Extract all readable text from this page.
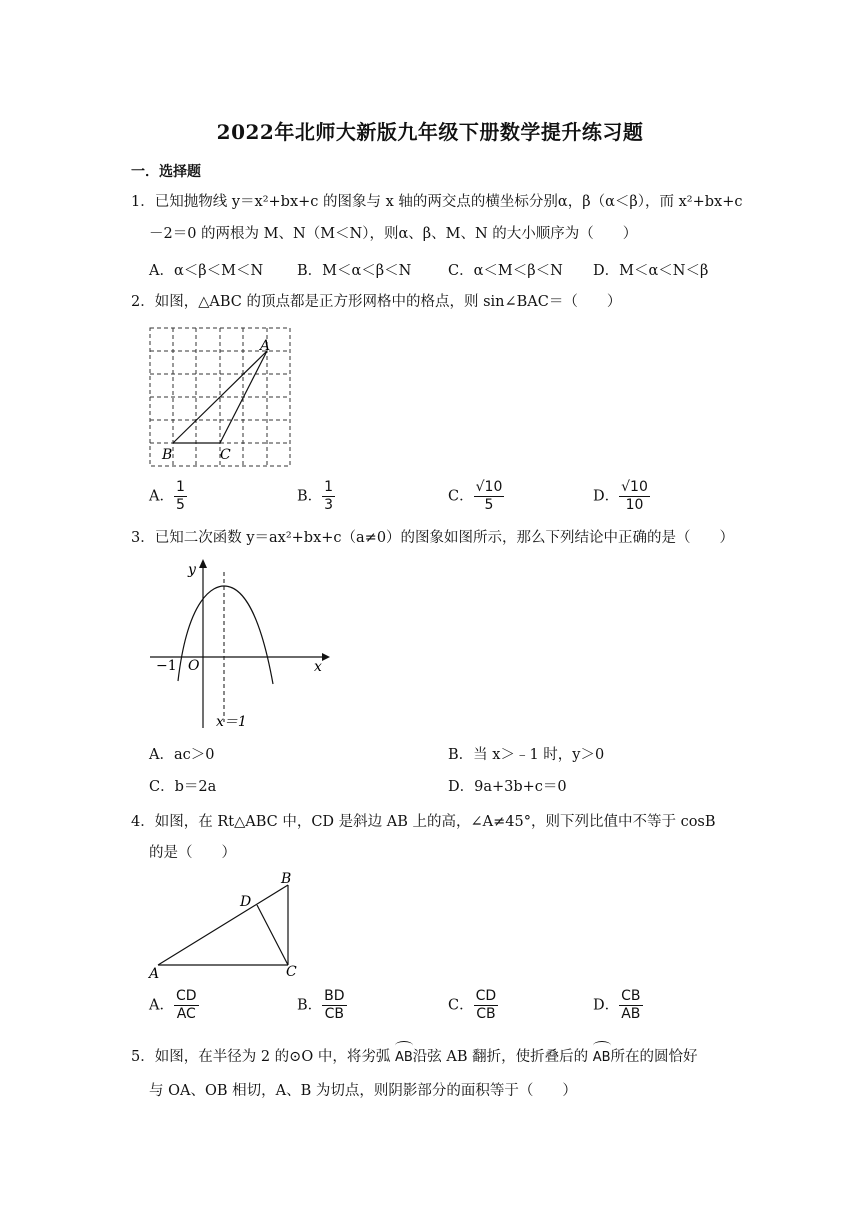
2022年北师大新版九年级下册数学提升练习题
一．选择题
1．已知抛物线 y＝x²+bx+c 的图象与 x 轴的两交点的横坐标分别α，β（α＜β），而 x²+bx+c
－2＝0 的两根为 M、N（M＜N），则α、β、M、N 的大小顺序为（　　）
A．α＜β＜M＜N B．M＜α＜β＜N	C．α＜M＜β＜N D．M＜α＜N＜β
2．如图，△ABC 的顶点都是正方形网格中的格点，则 sin∠BAC＝（　　）
A
B	C
A． $\frac{1}{5}$	B． $\frac{1}{3}$	C． $\frac{√10}{5}$	D． $\frac{√10}{10}$
3．已知二次函数 y＝ax²+bx+c（a≠0）的图象如图所示，那么下列结论中正确的是（　　）
y
x
O
−1
x＝1
A．ac＞0	B．当 x＞﹣1 时，y＞0
C．b＝2a	D．9a+3b+c＝0
4．如图，在 Rt△ABC 中，CD 是斜边 AB 上的高，∠A≠45°，则下列比值中不等于 cosB
的是（　　）
A
B
C
D
A． $\frac{CD}{AC}$	B． $\frac{BD}{CB}$	C． $\frac{CD}{CB}$	D． $\frac{CB}{AB}$
5．如图，在半径为 2 的⊙O 中，将劣弧 AB沿弦 AB 翻折，使折叠后的 AB所在的圆恰好
与 OA、OB 相切，A、B 为切点，则阴影部分的面积等于（　　）
